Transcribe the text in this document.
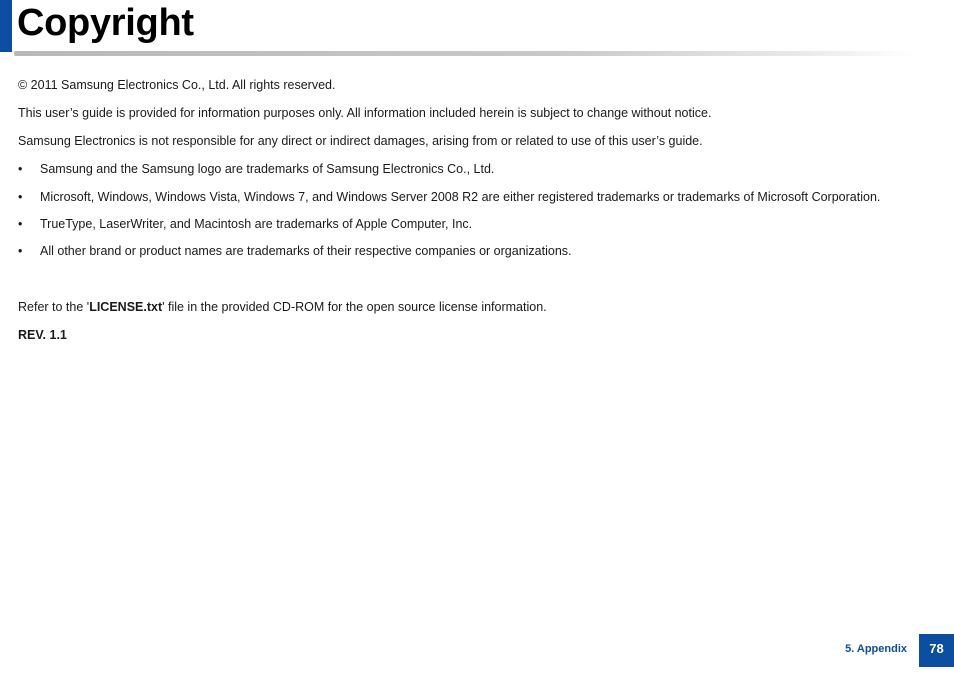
Copyright

© 2011 Samsung Electronics Co., Ltd. All rights reserved.

This user’s guide is provided for information purposes only. All information included herein is subject to change without notice.

Samsung Electronics is not responsible for any direct or indirect damages, arising from or related to use of this user’s guide.

• Samsung and the Samsung logo are trademarks of Samsung Electronics Co., Ltd.
• Microsoft, Windows, Windows Vista, Windows 7, and Windows Server 2008 R2 are either registered trademarks or trademarks of Microsoft Corporation.
• TrueType, LaserWriter, and Macintosh are trademarks of Apple Computer, Inc.
• All other brand or product names are trademarks of their respective companies or organizations.

Refer to the 'LICENSE.txt' file in the provided CD-ROM for the open source license information.

REV. 1.1

5. Appendix	78
